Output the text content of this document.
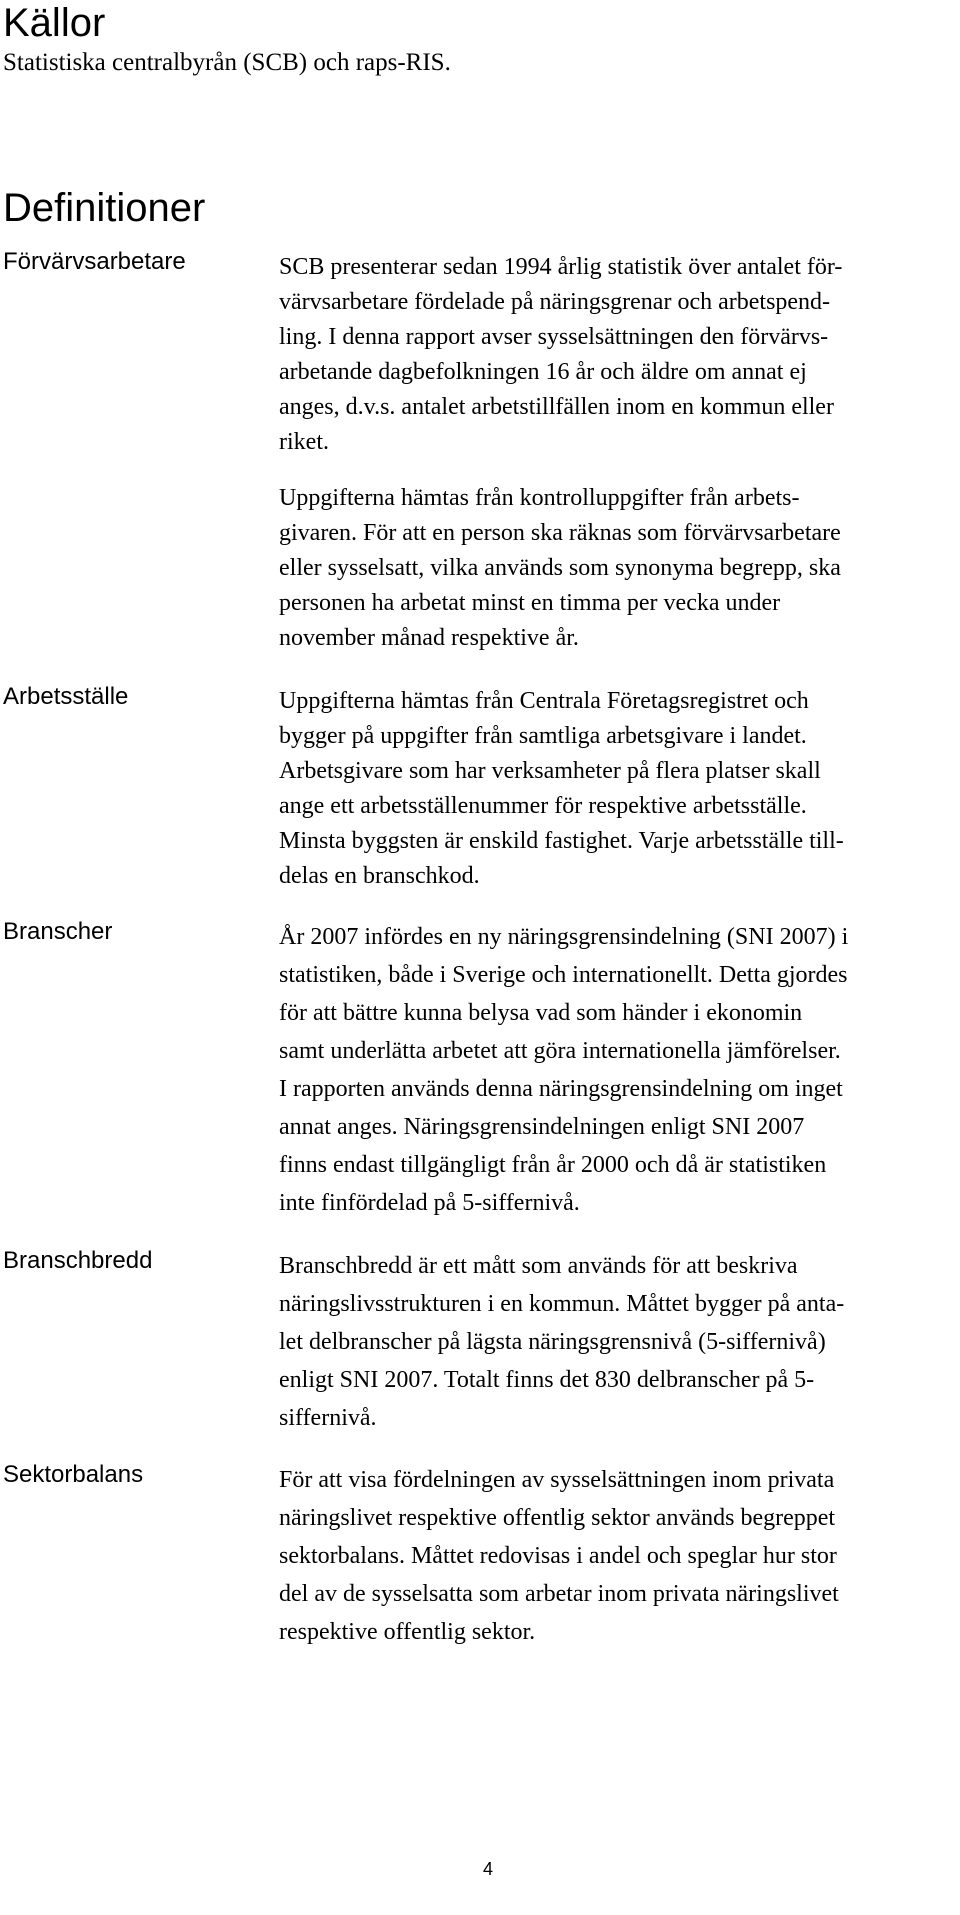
Källor

Statistiska centralbyrån (SCB) och raps-RIS.

Definitioner
Förvärvsarbetare	SCB presenterar sedan 1994 årlig statistik över antalet för-
värvsarbetare fördelade på näringsgrenar och arbetspend-
ling. I denna rapport avser sysselsättningen den förvärvs-
arbetande dagbefolkningen 16 år och äldre om annat ej
anges, d.v.s. antalet arbetstillfällen inom en kommun eller
riket.

Uppgifterna hämtas från kontrolluppgifter från arbets-
givaren. För att en person ska räknas som förvärvsarbetare
eller sysselsatt, vilka används som synonyma begrepp, ska
personen ha arbetat minst en timma per vecka under
november månad respektive år.

Arbetsställe	Uppgifterna hämtas från Centrala Företagsregistret och
bygger på uppgifter från samtliga arbetsgivare i landet.
Arbetsgivare som har verksamheter på flera platser skall
ange ett arbetsställenummer för respektive arbetsställe.
Minsta byggsten är enskild fastighet. Varje arbetsställe till-
delas en branschkod.

Branscher	År 2007 infördes en ny näringsgrensindelning (SNI 2007) i
statistiken, både i Sverige och internationellt. Detta gjordes
för att bättre kunna belysa vad som händer i ekonomin
samt underlätta arbetet att göra internationella jämförelser.
I rapporten används denna näringsgrensindelning om inget
annat anges. Näringsgrensindelningen enligt SNI 2007
finns endast tillgängligt från år 2000 och då är statistiken
inte finfördelad på 5-siffernivå.

Branschbredd	Branschbredd är ett mått som används för att beskriva
näringslivsstrukturen i en kommun. Måttet bygger på anta-
let delbranscher på lägsta näringsgrensnivå (5-siffernivå)
enligt SNI 2007. Totalt finns det 830 delbranscher på 5-
siffernivå.

Sektorbalans	För att visa fördelningen av sysselsättningen inom privata
näringslivet respektive offentlig sektor används begreppet
sektorbalans. Måttet redovisas i andel och speglar hur stor
del av de sysselsatta som arbetar inom privata näringslivet
respektive offentlig sektor.

4
